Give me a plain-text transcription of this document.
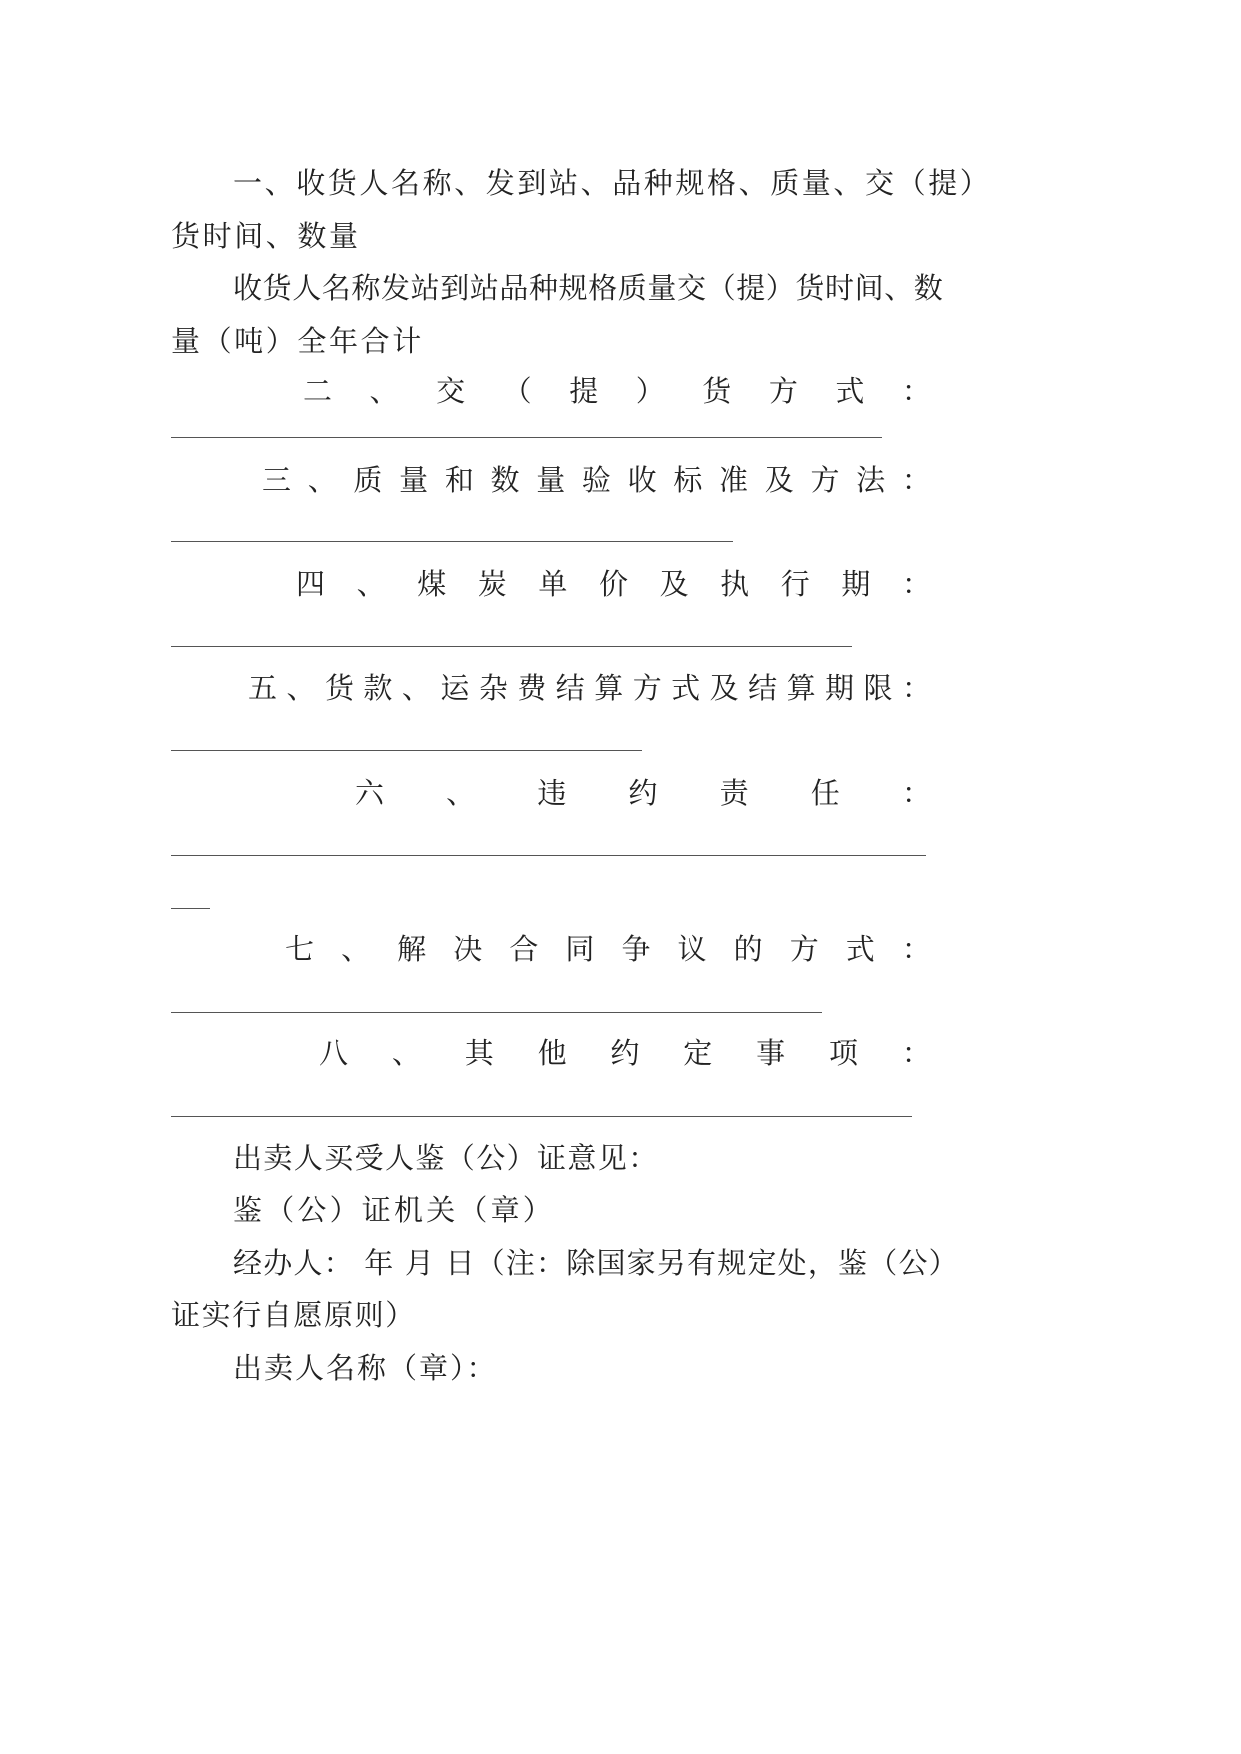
一、收货人名称、发到站、品种规格、质量、交（提）
货时间、数量
收货人名称发站到站品种规格质量交（提）货时间、数
量（吨）全年合计
二 、 交 （ 提 ） 货 方 式 ：
三 、 质 量 和 数 量 验 收 标 准 及 方 法 ：
四 、 煤 炭 单 价 及 执 行 期 ：
五 、 货 款 、 运 杂 费 结 算 方 式 及 结 算 期 限 ：
六 、 违 约 责 任 ：
七 、 解 决 合 同 争 议 的 方 式 ：
八 、 其 他 约 定 事 项 ：
出卖人买受人鉴（公）证意见：
鉴（公）证机关（章）
经办人： 年 月 日（注：除国家另有规定处，鉴（公）
证实行自愿原则）
出卖人名称（章）：
